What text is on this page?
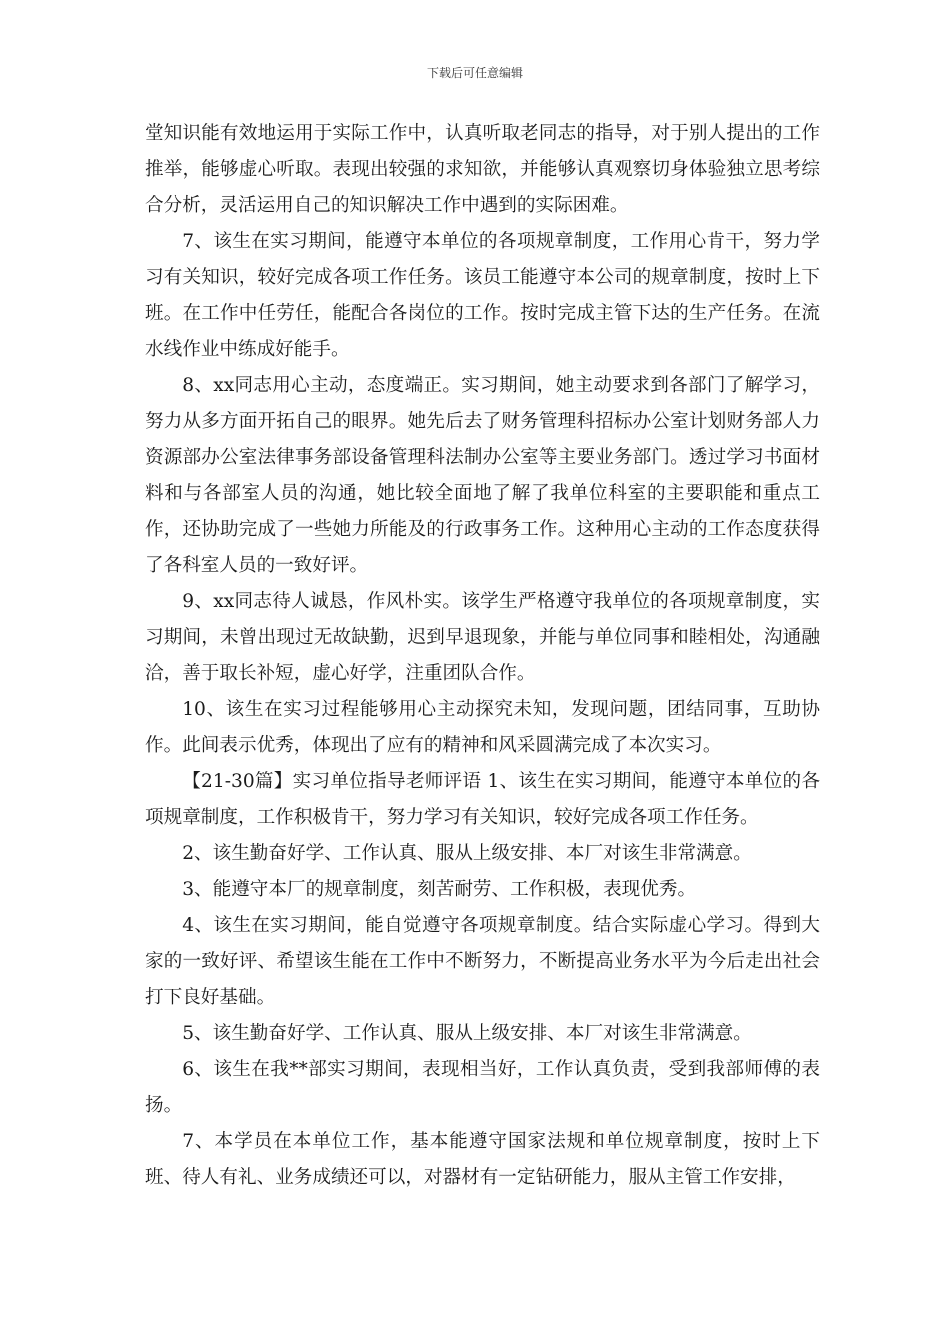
下载后可任意编辑

堂知识能有效地运用于实际工作中，认真听取老同志的指导，对于别人提出的工作推举，能够虚心听取。表现出较强的求知欲，并能够认真观察切身体验独立思考综合分析，灵活运用自己的知识解决工作中遇到的实际困难。

7、该生在实习期间，能遵守本单位的各项规章制度，工作用心肯干，努力学习有关知识，较好完成各项工作任务。该员工能遵守本公司的规章制度，按时上下班。在工作中任劳任，能配合各岗位的工作。按时完成主管下达的生产任务。在流水线作业中练成好能手。

8、xx同志用心主动，态度端正。实习期间，她主动要求到各部门了解学习，努力从多方面开拓自己的眼界。她先后去了财务管理科招标办公室计划财务部人力资源部办公室法律事务部设备管理科法制办公室等主要业务部门。透过学习书面材料和与各部室人员的沟通，她比较全面地了解了我单位科室的主要职能和重点工作，还协助完成了一些她力所能及的行政事务工作。这种用心主动的工作态度获得了各科室人员的一致好评。

9、xx同志待人诚恳，作风朴实。该学生严格遵守我单位的各项规章制度，实习期间，未曾出现过无故缺勤，迟到早退现象，并能与单位同事和睦相处，沟通融洽，善于取长补短，虚心好学，注重团队合作。

10、该生在实习过程能够用心主动探究未知，发现问题，团结同事，互助协作。此间表示优秀，体现出了应有的精神和风采圆满完成了本次实习。

【21-30篇】实习单位指导老师评语 1、该生在实习期间，能遵守本单位的各项规章制度，工作积极肯干，努力学习有关知识，较好完成各项工作任务。

2、该生勤奋好学、工作认真、服从上级安排、本厂对该生非常满意。

3、能遵守本厂的规章制度，刻苦耐劳、工作积极，表现优秀。

4、该生在实习期间，能自觉遵守各项规章制度。结合实际虚心学习。得到大家的一致好评、希望该生能在工作中不断努力，不断提高业务水平为今后走出社会打下良好基础。

5、该生勤奋好学、工作认真、服从上级安排、本厂对该生非常满意。

6、该生在我**部实习期间，表现相当好，工作认真负责，受到我部师傅的表扬。

7、本学员在本单位工作，基本能遵守国家法规和单位规章制度，按时上下班、待人有礼、业务成绩还可以，对器材有一定钻研能力，服从主管工作安排，
